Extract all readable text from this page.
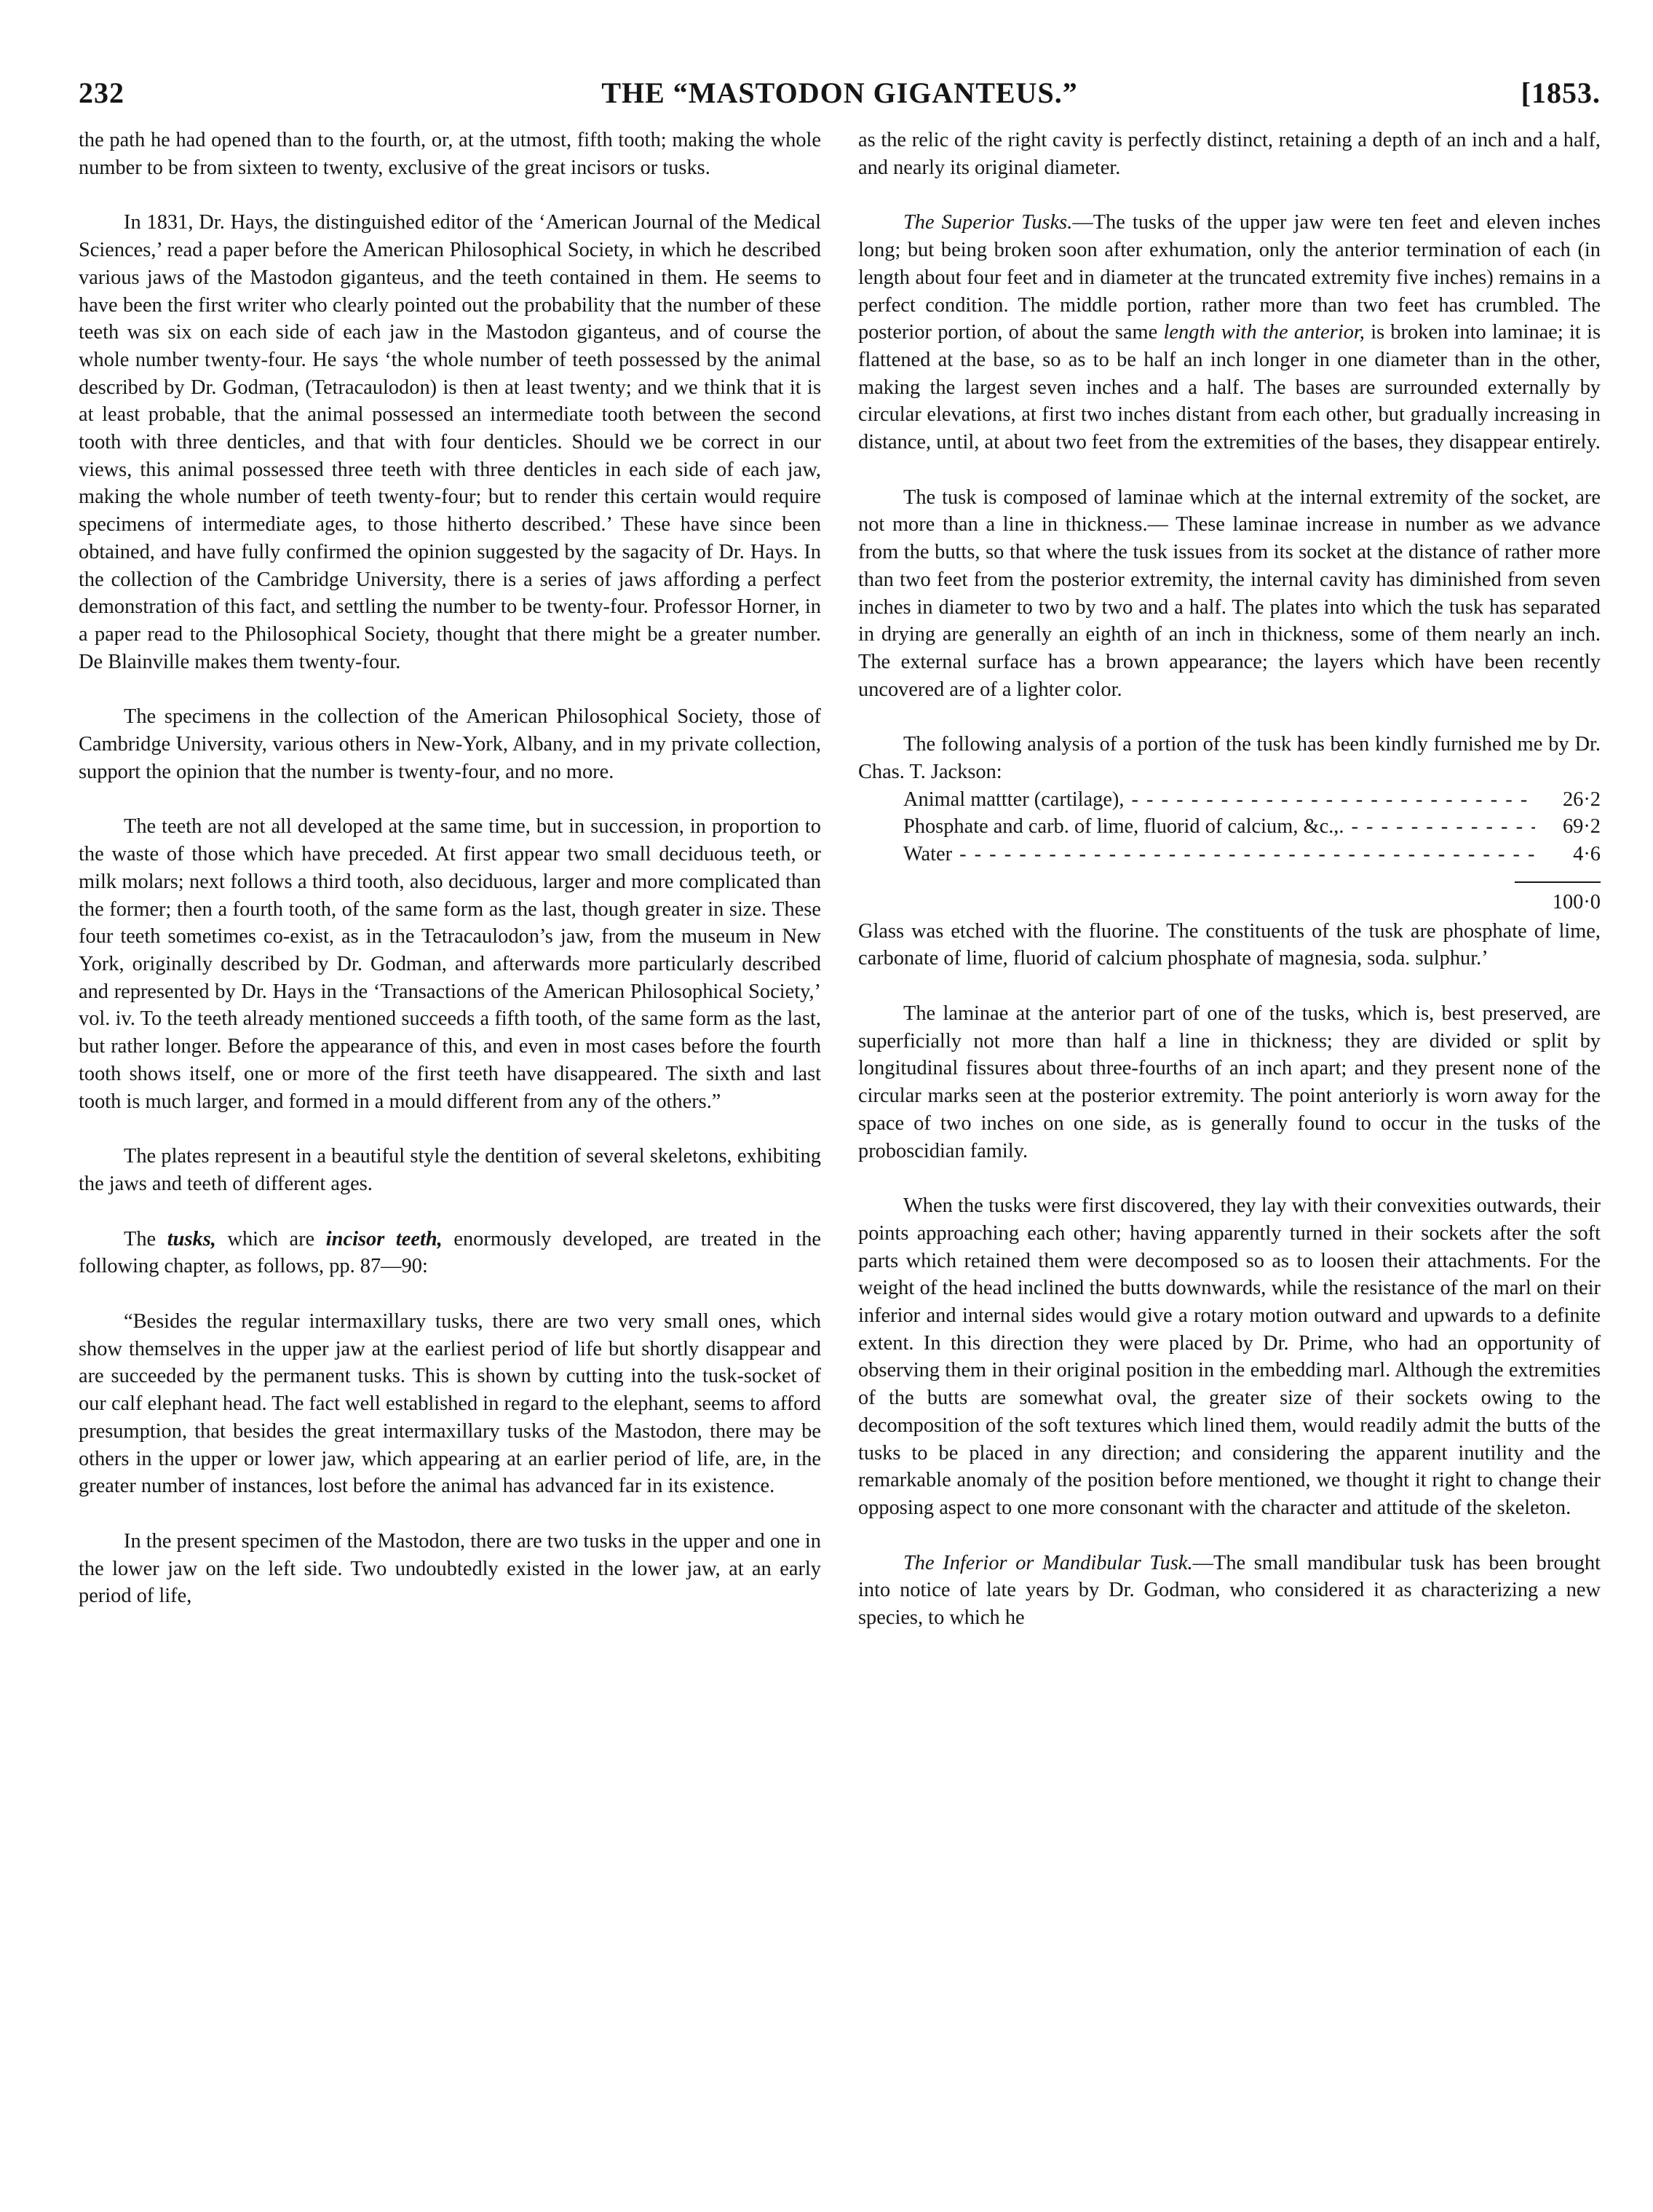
232	THE “MASTODON GIGANTEUS.”	[1853.

the path he had opened than to the fourth, or, at the utmost, fifth tooth; making the whole number to be from sixteen to twenty, exclusive of the great incisors or tusks.

In 1831, Dr. Hays, the distinguished editor of the ‘American Journal of the Medical Sciences,’ read a paper before the American Philosophical Society, in which he described various jaws of the Mastodon giganteus, and the teeth contained in them. He seems to have been the first writer who clearly pointed out the probability that the number of these teeth was six on each side of each jaw in the Mastodon giganteus, and of course the whole number twenty-four. He says ‘the whole number of teeth possessed by the animal described by Dr. Godman, (Tetracaulodon) is then at least twenty; and we think that it is at least probable, that the animal possessed an intermediate tooth between the second tooth with three denticles, and that with four denticles. Should we be correct in our views, this animal possessed three teeth with three denticles in each side of each jaw, making the whole number of teeth twenty-four; but to render this certain would require specimens of intermediate ages, to those hitherto described.’ These have since been obtained, and have fully confirmed the opinion suggested by the sagacity of Dr. Hays. In the collection of the Cambridge University, there is a series of jaws affording a perfect demonstration of this fact, and settling the number to be twenty-four. Professor Horner, in a paper read to the Philosophical Society, thought that there might be a greater number. De Blainville makes them twenty-four.

The specimens in the collection of the American Philosophical Society, those of Cambridge University, various others in New-York, Albany, and in my private collection, support the opinion that the number is twenty-four, and no more.

The teeth are not all developed at the same time, but in succession, in proportion to the waste of those which have preceded. At first appear two small deciduous teeth, or milk molars; next follows a third tooth, also deciduous, larger and more complicated than the former; then a fourth tooth, of the same form as the last, though greater in size. These four teeth sometimes co-exist, as in the Tetracaulodon’s jaw, from the museum in New York, originally described by Dr. Godman, and afterwards more particularly described and represented by Dr. Hays in the ‘Transactions of the American Philosophical Society,’ vol. iv. To the teeth already mentioned succeeds a fifth tooth, of the same form as the last, but rather longer. Before the appearance of this, and even in most cases before the fourth tooth shows itself, one or more of the first teeth have disappeared. The sixth and last tooth is much larger, and formed in a mould different from any of the others.”

The plates represent in a beautiful style the dentition of several skeletons, exhibiting the jaws and teeth of different ages.

The tusks, which are incisor teeth, enormously developed, are treated in the following chapter, as follows, pp. 87—90:

“Besides the regular intermaxillary tusks, there are two very small ones, which show themselves in the upper jaw at the earliest period of life but shortly disappear and are succeeded by the permanent tusks. This is shown by cutting into the tusk-socket of our calf elephant head. The fact well established in regard to the elephant, seems to afford presumption, that besides the great intermaxillary tusks of the Mastodon, there may be others in the upper or lower jaw, which appearing at an earlier period of life, are, in the greater number of instances, lost before the animal has advanced far in its existence.

In the present specimen of the Mastodon, there are two tusks in the upper and one in the lower jaw on the left side. Two undoubtedly existed in the lower jaw, at an early period of life,

as the relic of the right cavity is perfectly distinct, retaining a depth of an inch and a half, and nearly its original diameter.

The Superior Tusks.—The tusks of the upper jaw were ten feet and eleven inches long; but being broken soon after exhumation, only the anterior termination of each (in length about four feet and in diameter at the truncated extremity five inches) remains in a perfect condition. The middle portion, rather more than two feet has crumbled. The posterior portion, of about the same length with the anterior, is broken into laminae; it is flattened at the base, so as to be half an inch longer in one diameter than in the other, making the largest seven inches and a half. The bases are surrounded externally by circular elevations, at first two inches distant from each other, but gradually increasing in distance, until, at about two feet from the extremities of the bases, they disappear entirely.

The tusk is composed of laminae which at the internal extremity of the socket, are not more than a line in thickness.— These laminae increase in number as we advance from the butts, so that where the tusk issues from its socket at the distance of rather more than two feet from the posterior extremity, the internal cavity has diminished from seven inches in diameter to two by two and a half. The plates into which the tusk has separated in drying are generally an eighth of an inch in thickness, some of them nearly an inch. The external surface has a brown appearance; the layers which have been recently uncovered are of a lighter color.

The following analysis of a portion of the tusk has been kindly furnished me by Dr. Chas. T. Jackson:

Animal mattter (cartilage), - - -	26·2
Phosphate and carb. of lime, fluorid of calcium, &c.,. - - -	69·2
Water - - -	4·6
100·0

Glass was etched with the fluorine. The constituents of the tusk are phosphate of lime, carbonate of lime, fluorid of calcium phosphate of magnesia, soda. sulphur.’

The laminae at the anterior part of one of the tusks, which is, best preserved, are superficially not more than half a line in thickness; they are divided or split by longitudinal fissures about three-fourths of an inch apart; and they present none of the circular marks seen at the posterior extremity. The point anteriorly is worn away for the space of two inches on one side, as is generally found to occur in the tusks of the proboscidian family.

When the tusks were first discovered, they lay with their convexities outwards, their points approaching each other; having apparently turned in their sockets after the soft parts which retained them were decomposed so as to loosen their attachments. For the weight of the head inclined the butts downwards, while the resistance of the marl on their inferior and internal sides would give a rotary motion outward and upwards to a definite extent. In this direction they were placed by Dr. Prime, who had an opportunity of observing them in their original position in the embedding marl. Although the extremities of the butts are somewhat oval, the greater size of their sockets owing to the decomposition of the soft textures which lined them, would readily admit the butts of the tusks to be placed in any direction; and considering the apparent inutility and the remarkable anomaly of the position before mentioned, we thought it right to change their opposing aspect to one more consonant with the character and attitude of the skeleton.

The Inferior or Mandibular Tusk.—The small mandibular tusk has been brought into notice of late years by Dr. Godman, who considered it as characterizing a new species, to which he
